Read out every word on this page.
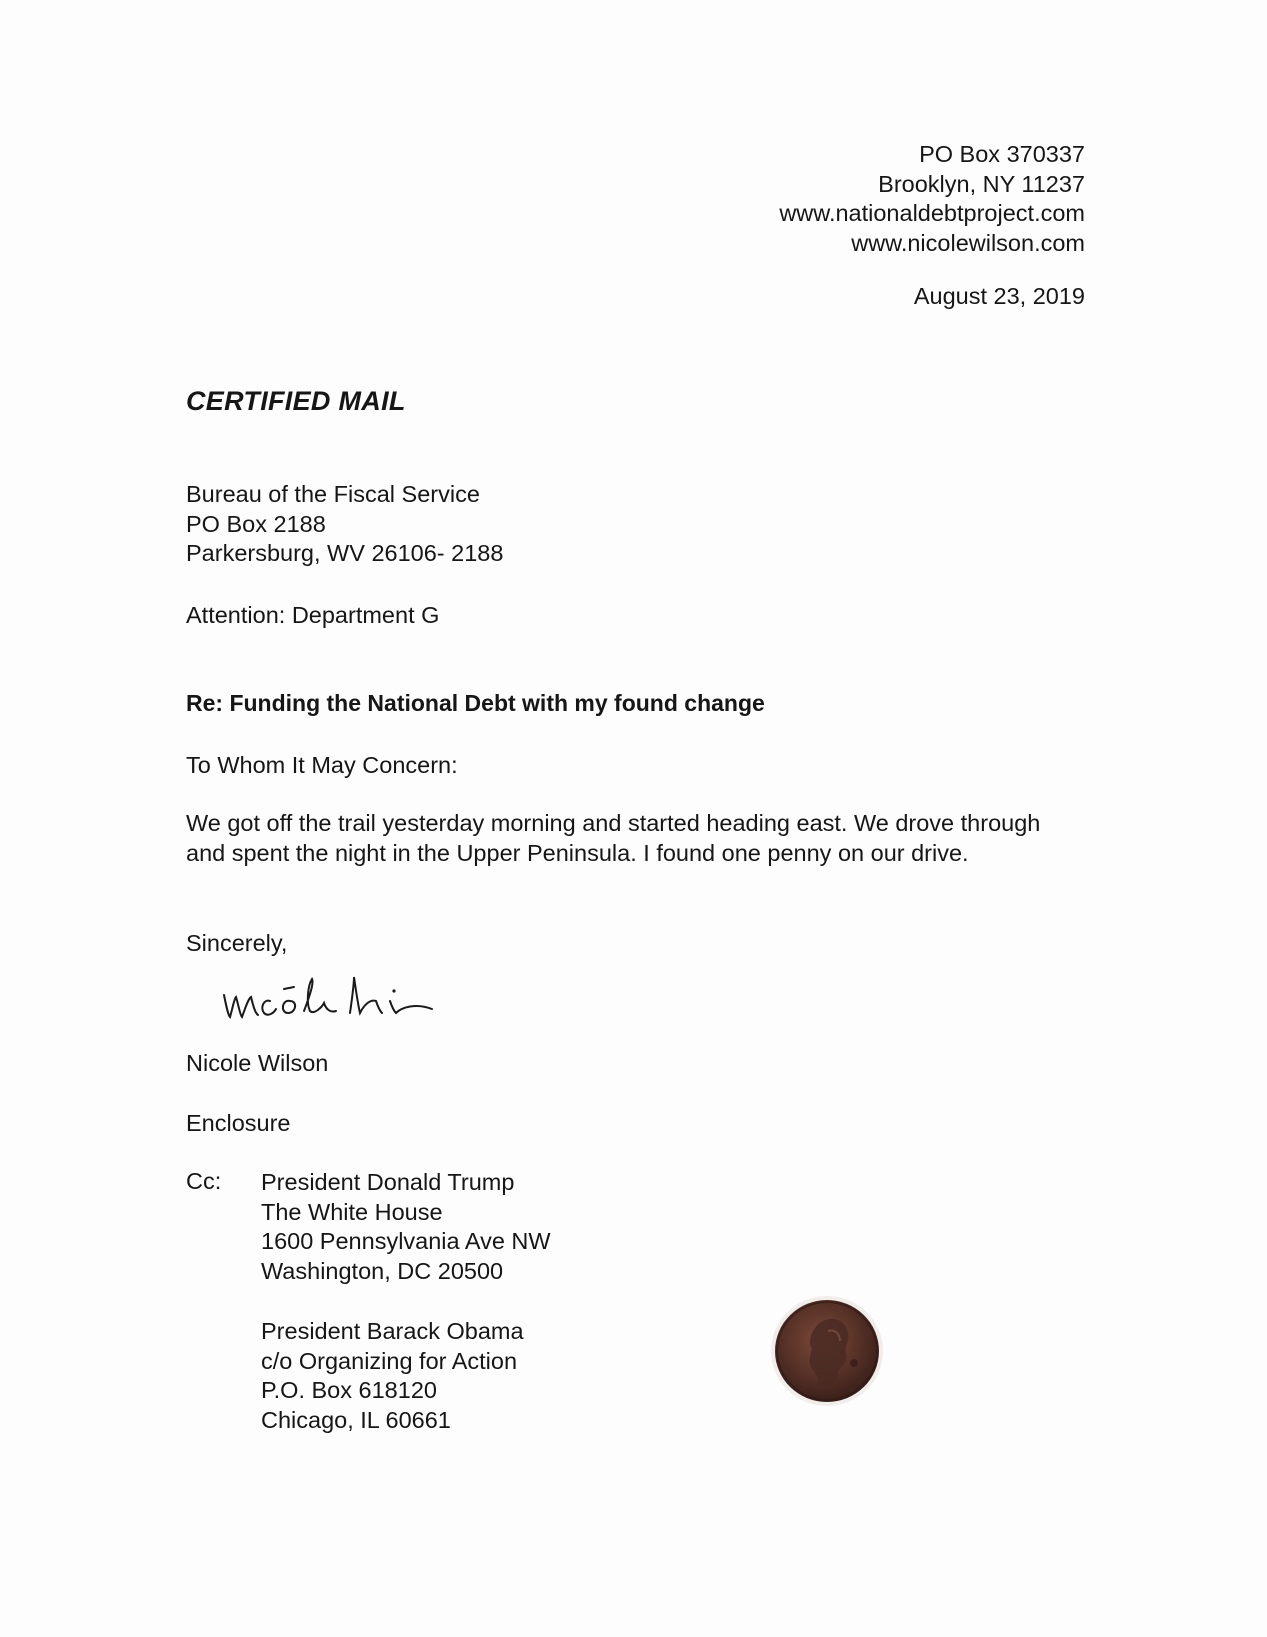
PO Box 370337
Brooklyn, NY 11237
www.nationaldebtproject.com
www.nicolewilson.com
August 23, 2019
CERTIFIED MAIL
Bureau of the Fiscal Service
PO Box 2188
Parkersburg, WV 26106- 2188
Attention: Department G
Re: Funding the National Debt with my found change
To Whom It May Concern:
We got off the trail yesterday morning and started heading east. We drove through and spent the night in the Upper Peninsula. I found one penny on our drive.
Sincerely,
Nicole Wilson
Enclosure
Cc: President Donald Trump
The White House
1600 Pennsylvania Ave NW
Washington, DC 20500
President Barack Obama
c/o Organizing for Action
P.O. Box 618120
Chicago, IL 60661
